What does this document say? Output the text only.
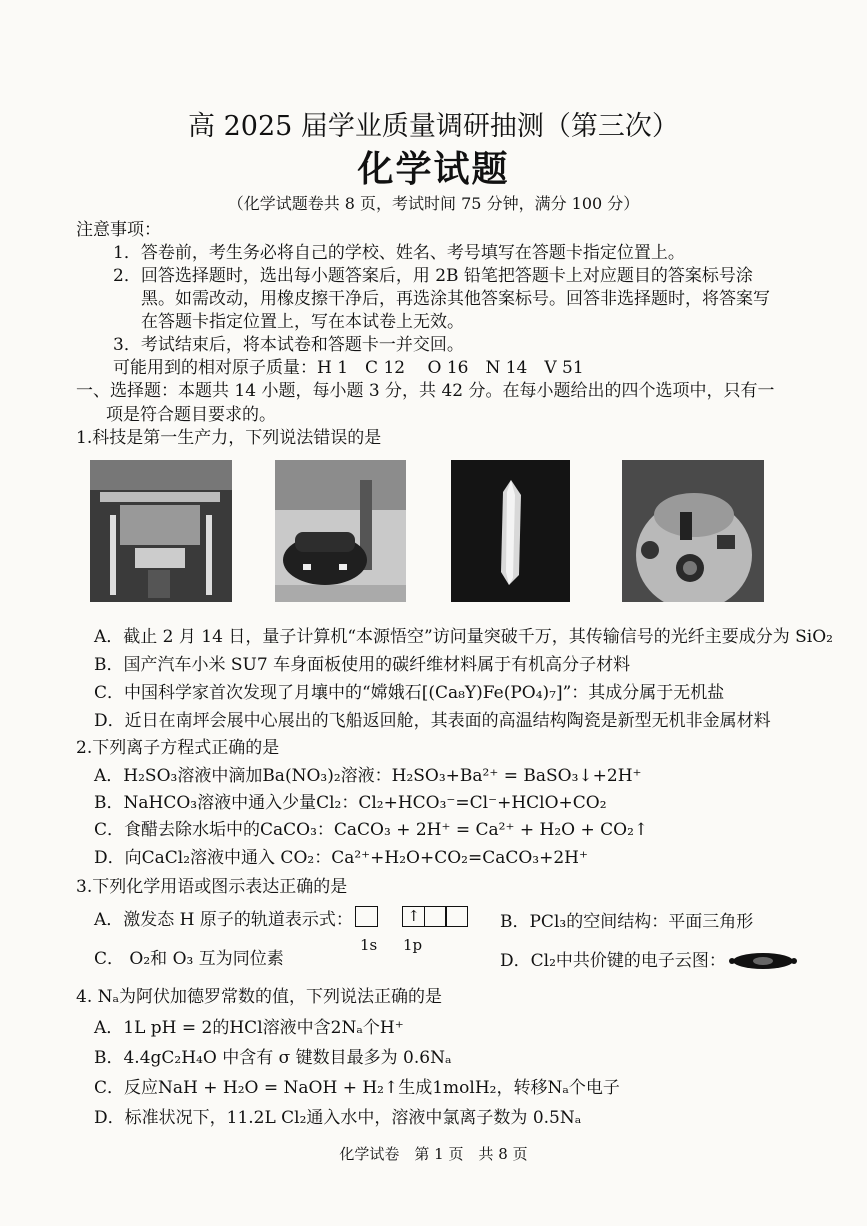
高 2025 届学业质量调研抽测（第三次）
化学试题
（化学试题卷共 8 页，考试时间 75 分钟，满分 100 分）
注意事项：
1．答卷前，考生务必将自己的学校、姓名、考号填写在答题卡指定位置上。
2．回答选择题时，选出每小题答案后，用 2B 铅笔把答题卡上对应题目的答案标号涂
黑。如需改动，用橡皮擦干净后，再选涂其他答案标号。回答非选择题时，将答案写
在答题卡指定位置上，写在本试卷上无效。
3．考试结束后，将本试卷和答题卡一并交回。
可能用到的相对原子质量：H 1　C 12　 O 16　N 14　V 51
一、选择题：本题共 14 小题，每小题 3 分，共 42 分。在每小题给出的四个选项中，只有一
项是符合题目要求的。
1.科技是第一生产力，下列说法错误的是
A．截止 2 月 14 日，量子计算机“本源悟空”访问量突破千万，其传输信号的光纤主要成分为 SiO₂
B．国产汽车小米 SU7 车身面板使用的碳纤维材料属于有机高分子材料
C．中国科学家首次发现了月壤中的“嫦娥石[(Ca₈Y)Fe(PO₄)₇]”：其成分属于无机盐
D．近日在南坪会展中心展出的飞船返回舱，其表面的高温结构陶瓷是新型无机非金属材料
2.下列离子方程式正确的是
A．H₂SO₃溶液中滴加Ba(NO₃)₂溶液：H₂SO₃+Ba²⁺ = BaSO₃↓+2H⁺
B．NaHCO₃溶液中通入少量Cl₂：Cl₂+HCO₃⁻=Cl⁻+HClO+CO₂
C．食醋去除水垢中的CaCO₃：CaCO₃ + 2H⁺ = Ca²⁺ + H₂O + CO₂↑
D．向CaCl₂溶液中通入 CO₂：Ca²⁺+H₂O+CO₂=CaCO₃+2H⁺
3.下列化学用语或图示表达正确的是
A．激发态 H 原子的轨道表示式：	↑
1s 1p
B．PCl₃的空间结构：平面三角形
C． O₂和 O₃ 互为同位素	D．Cl₂中共价键的电子云图：
4. Nₐ为阿伏加德罗常数的值，下列说法正确的是
A．1L pH = 2的HCl溶液中含2Nₐ个H⁺
B．4.4gC₂H₄O 中含有 σ 键数目最多为 0.6Nₐ
C．反应NaH + H₂O = NaOH + H₂↑生成1molH₂，转移Nₐ个电子
D．标准状况下，11.2L Cl₂通入水中，溶液中氯离子数为 0.5Nₐ
化学试卷　第 1 页　共 8 页
